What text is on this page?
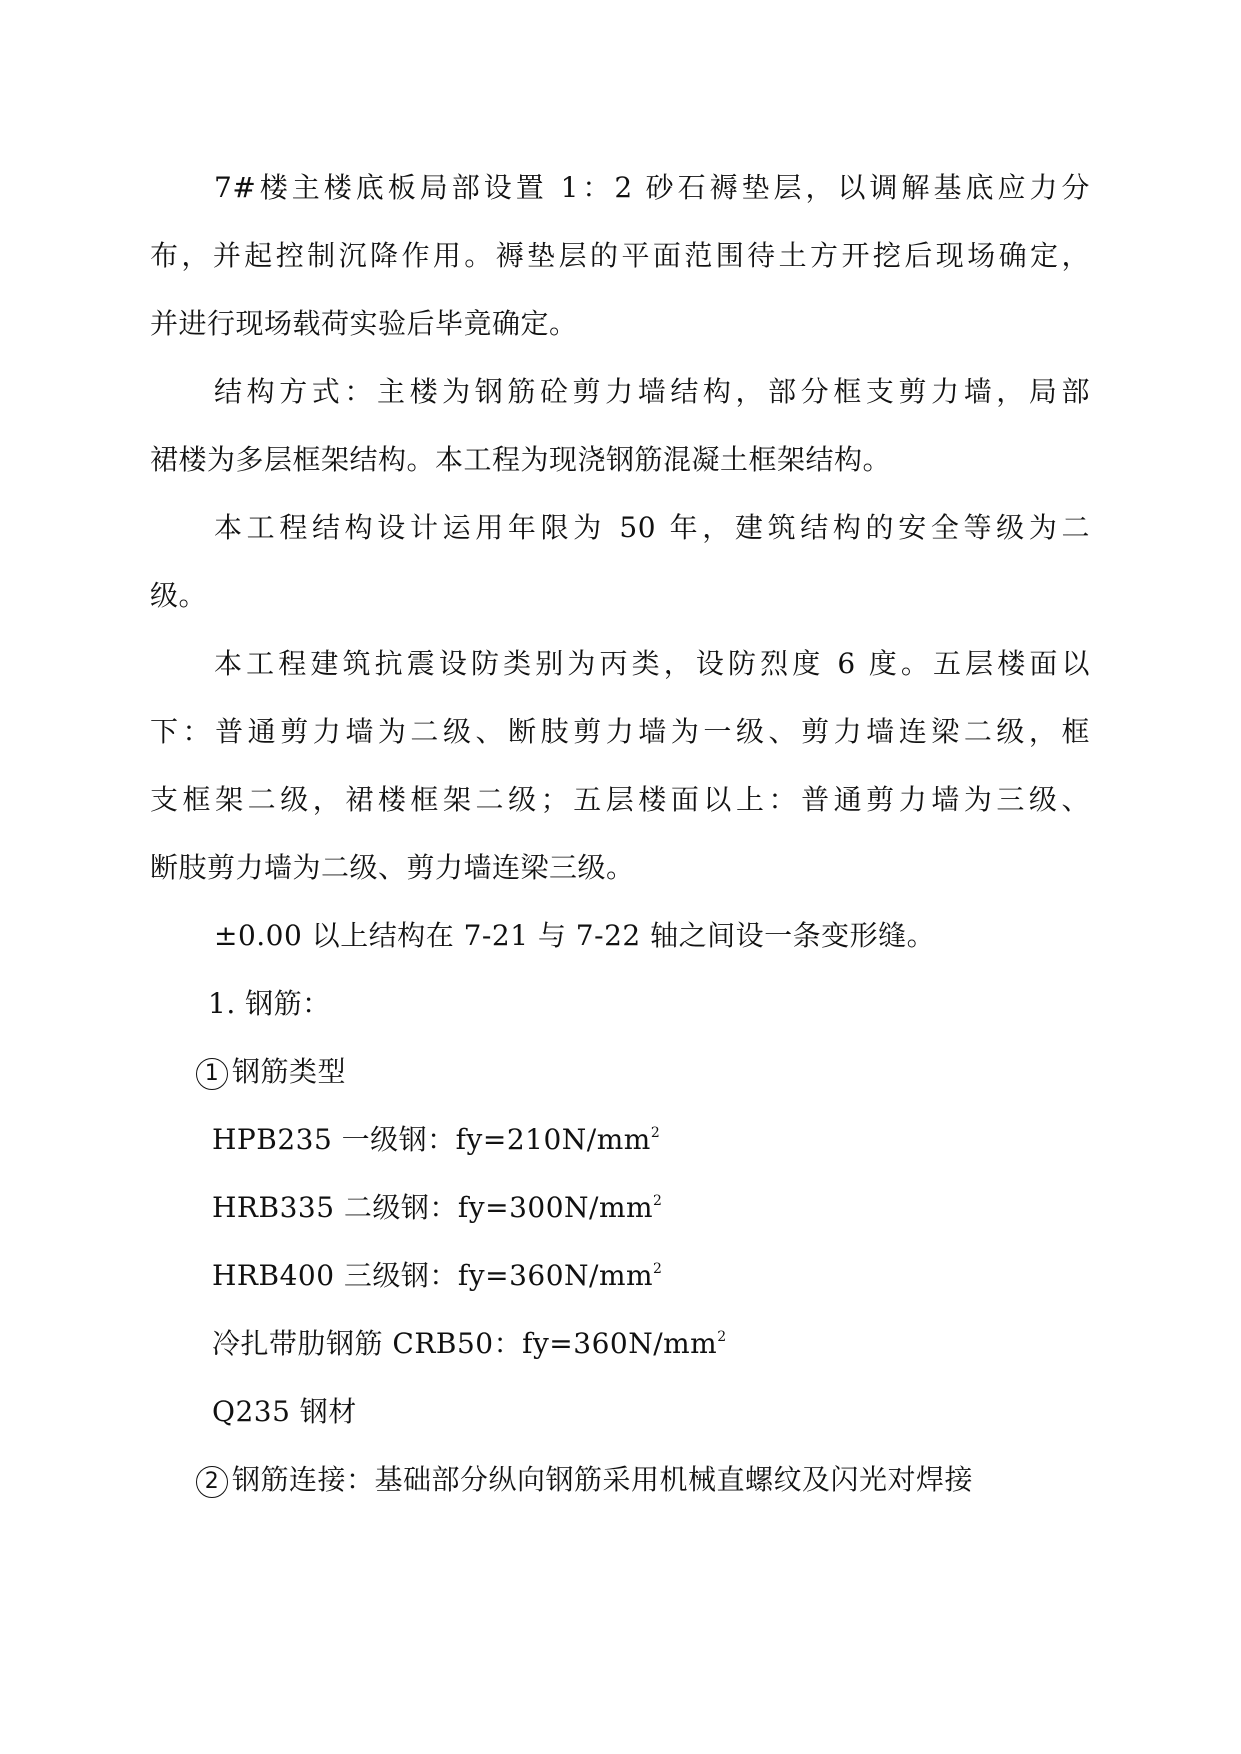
7#楼主楼底板局部设置 1：2 砂石褥垫层，以调解基底应力分
布，并起控制沉降作用。褥垫层的平面范围待土方开挖后现场确定，
并进行现场载荷实验后毕竟确定。
结构方式：主楼为钢筋砼剪力墙结构，部分框支剪力墙，局部
裙楼为多层框架结构。本工程为现浇钢筋混凝土框架结构。
本工程结构设计运用年限为 50 年，建筑结构的安全等级为二
级。
本工程建筑抗震设防类别为丙类，设防烈度 6 度。五层楼面以
下：普通剪力墙为二级、断肢剪力墙为一级、剪力墙连梁二级，框
支框架二级，裙楼框架二级；五层楼面以上：普通剪力墙为三级、
断肢剪力墙为二级、剪力墙连梁三级。
±0.00 以上结构在 7-21 与 7-22 轴之间设一条变形缝。
1. 钢筋：
1 钢筋类型
HPB235 一级钢：$fy=210N/mm^2$
HRB335 二级钢：$fy=300N/mm^2$
HRB400 三级钢：$fy=360N/mm^2$
冷扎带肋钢筋 CRB50：$fy=360N/mm^2$
Q235 钢材
2 钢筋连接：基础部分纵向钢筋采用机械直螺纹及闪光对焊接
